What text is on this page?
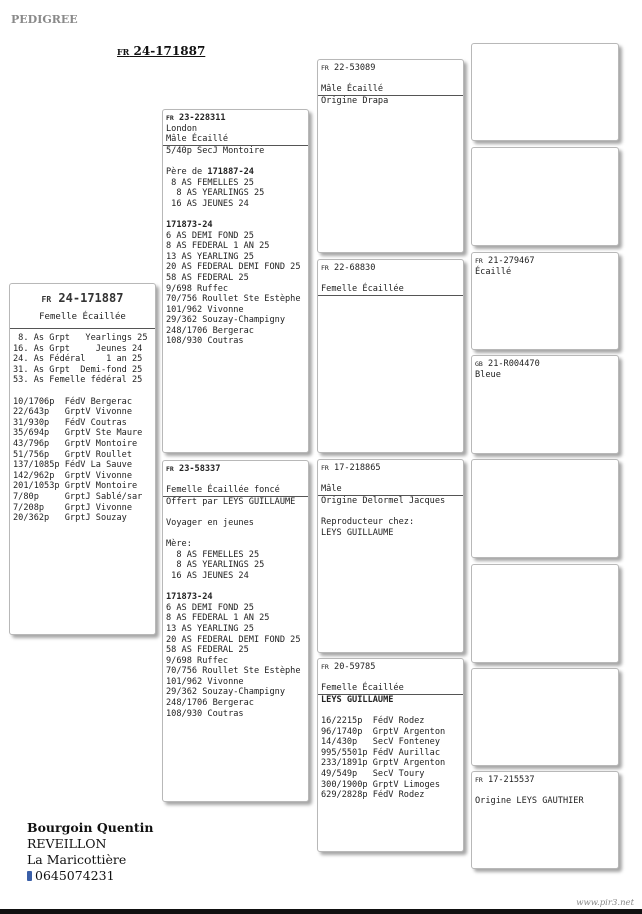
PEDIGREE
FR 24-171887
FR 24-171887
Femelle Écaillée
8. As Grpt   Yearlings 25
16. As Grpt     Jeunes 24
24. As Fédéral    1 an 25
31. As Grpt  Demi-fond 25
53. As Femelle fédéral 25
10/1706p  FédV Bergerac
22/643p   GrptV Vivonne
31/930p   FédV Coutras
35/694p   GrptV Ste Maure
43/796p   GrptV Montoire
51/756p   GrptV Roullet
137/1085p FédV La Sauve
142/962p  GrptV Vivonne
201/1053p GrptV Montoire
7/80p     GrptJ Sablé/sar
7/208p    GrptJ Vivonne
20/362p   GrptJ Souzay
FR 23-228311
London
Mâle Écaillé
5/40p SecJ Montoire
Père de 171887-24
8 AS FEMELLES 25
8 AS YEARLINGS 25
16 AS JEUNES 24
171873-24
6 AS DEMI FOND 25
8 AS FEDERAL 1 AN 25
13 AS YEARLING 25
20 AS FEDERAL DEMI FOND 25
58 AS FEDERAL 25
9/698 Ruffec
70/756 Roullet Ste Estèphe
101/962 Vivonne
29/362 Souzay-Champigny
248/1706 Bergerac
108/930 Coutras
FR 23-58337
Femelle Écaillée foncé
Offert par LEYS GUILLAUME
Voyager en jeunes
Mère:
8 AS FEMELLES 25
8 AS YEARLINGS 25
16 AS JEUNES 24
171873-24
6 AS DEMI FOND 25
8 AS FEDERAL 1 AN 25
13 AS YEARLING 25
20 AS FEDERAL DEMI FOND 25
58 AS FEDERAL 25
9/698 Ruffec
70/756 Roullet Ste Estèphe
101/962 Vivonne
29/362 Souzay-Champigny
248/1706 Bergerac
108/930 Coutras
FR 22-53089
Mâle Écaillé
Origine Drapa
FR 22-68830
Femelle Écaillée
FR 17-218865
Mâle
Origine Delormel Jacques
Reproducteur chez:
LEYS GUILLAUME
FR 20-59785
Femelle Écaillée
LEYS GUILLAUME
16/2215p  FédV Rodez
96/1740p  GrptV Argenton
14/430p   SecV Fonteney
995/5501p FédV Aurillac
233/1891p GrptV Argenton
49/549p   SecV Toury
300/1900p GrptV Limoges
629/2828p FédV Rodez
FR 21-279467
Écaillé
GB 21-R004470
Bleue
FR 17-215537
Origine LEYS GAUTHIER
Bourgoin Quentin
REVEILLON
La Maricottière
0645074231
www.pir3.net
